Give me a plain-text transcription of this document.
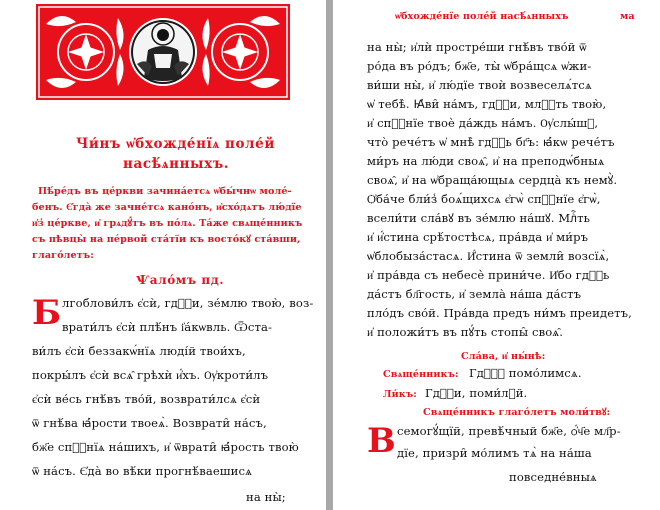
Чи́нъ ѡ҆бхожде́нїѧ поле́й
насѣ́ѧнныхъ.
Пѣ́ре́дъ въ це́ркви зачина́етсѧ ѡ҆бы́чнѡ моле́-
бенъ. Є҆гда̀ же зачне́тсѧ кано́нъ, и҆схо́дѧтъ лю́дїе
и҆з̾ це́ркве, и҆ грѧдꙋ́тъ въ по́лѧ. Та́же свѧще́нникъ
съ пѣвцы̀ на пе́рвой ста́тїи къ восто́кꙋ ста́вши,
глаго́летъ:
Ѱало́мъ пд.
Б лгоблови́лъ є҆сѝ, гдⷭ҇и, зе́млю твою̀, воз-
врати́лъ є҆сѝ плѣ́нъ і҆а́кѡвль. Ѿста-
ви́лъ є҆сѝ беззакѡ́нїѧ люді́й твои́хъ,
покры́лъ є҆сѝ всѧ̑ грѣхѝ и҆́хъ. Ѹ҆кроти́лъ
є҆сѝ ве́сь гнѣ́въ тво́й, возврати́лсѧ є҆сѝ
ѿ гнѣ́ва ꙗ҆́рости твоеѧ̀. Возврати̑ на́съ,
бж҃е спⷭ҇нїѧ на́шихъ, и҆ ѿврати̑ ꙗ҆́рость твою̀
ѿ на́съ. Є҆да̀ во вѣ́ки прогнѣ́ваешисѧ
на ны̀;
ѡ҆бхожде́нїе поле́й насѣ́ѧнныхъ	ма
на ны̀; и҆лѝ простре́ши гнѣ́въ тво́й ѿ
ро́да въ ро́дъ; бж҃е, ты̀ ѡ҆бра́щсѧ ѡ҆жи-
ви́ши ны̀, и҆ лю́дїе твоѝ возвеселѧ́тсѧ
ѡ҆ тебѣ̀. Ꙗ҆ви̑ на́мъ, гдⷭ҇и, млⷭ҇ть твою̀,
и҆ спⷭ҇нїе твоѐ да́ждь на́мъ. Ѹ҆слы́шꙋ,
что̀ рече́тъ ѡ҆ мнѣ̀ гдⷭ҇ь бг҃ъ: ꙗ҆́кѡ рече́тъ
ми́ръ на лю́ди своѧ̑, и҆ на преподѡ́бныѧ
своѧ̑, и҆ на ѡ҆браща́ющыѧ сердца̀ къ немꙋ̀.
Ѻ҆ба́че бли́з̾ боѧ́щихсѧ є҆гѡ̀ спⷭ҇нїе є҆гѡ̀,
всели́ти сла́вꙋ въ зе́млю на́шꙋ. Млⷭ҇ть
и҆ и҆́стина срѣ́тостѣсѧ, пра́вда и҆ ми́ръ
ѡ҆блобыза́стасѧ. И҆́стина ѿ земли̑ возсїѧ̀,
и҆ пра́вда съ небесѐ прини́че. И҆бо гдⷭ҇ь
да́стъ бл҃гость, и҆ земла̀ на́ша да́стъ
пло́дъ сво́й. Пра́вда предъ ни́мъ преидетъ,
и҆ положи́тъ въ пꙋ́ть стопы̑ своѧ̑.
Сла́ва, и҆ ны́нѣ:
Свѧще́нникъ: Гдⷭ҇ꙋ помо́лимсѧ.
Ли́къ: Гдⷭ҇и, поми́лꙋй.
Свѧще́нникъ глаго́летъ моли́твꙋ:
В семогꙋ́щїй, превѣ́чный бж҃е, ѻ҆́ч҃е мл҃р-
дїе, призри̑ мо́лимъ тѧ̀ на на́ша
повседне́вныѧ
